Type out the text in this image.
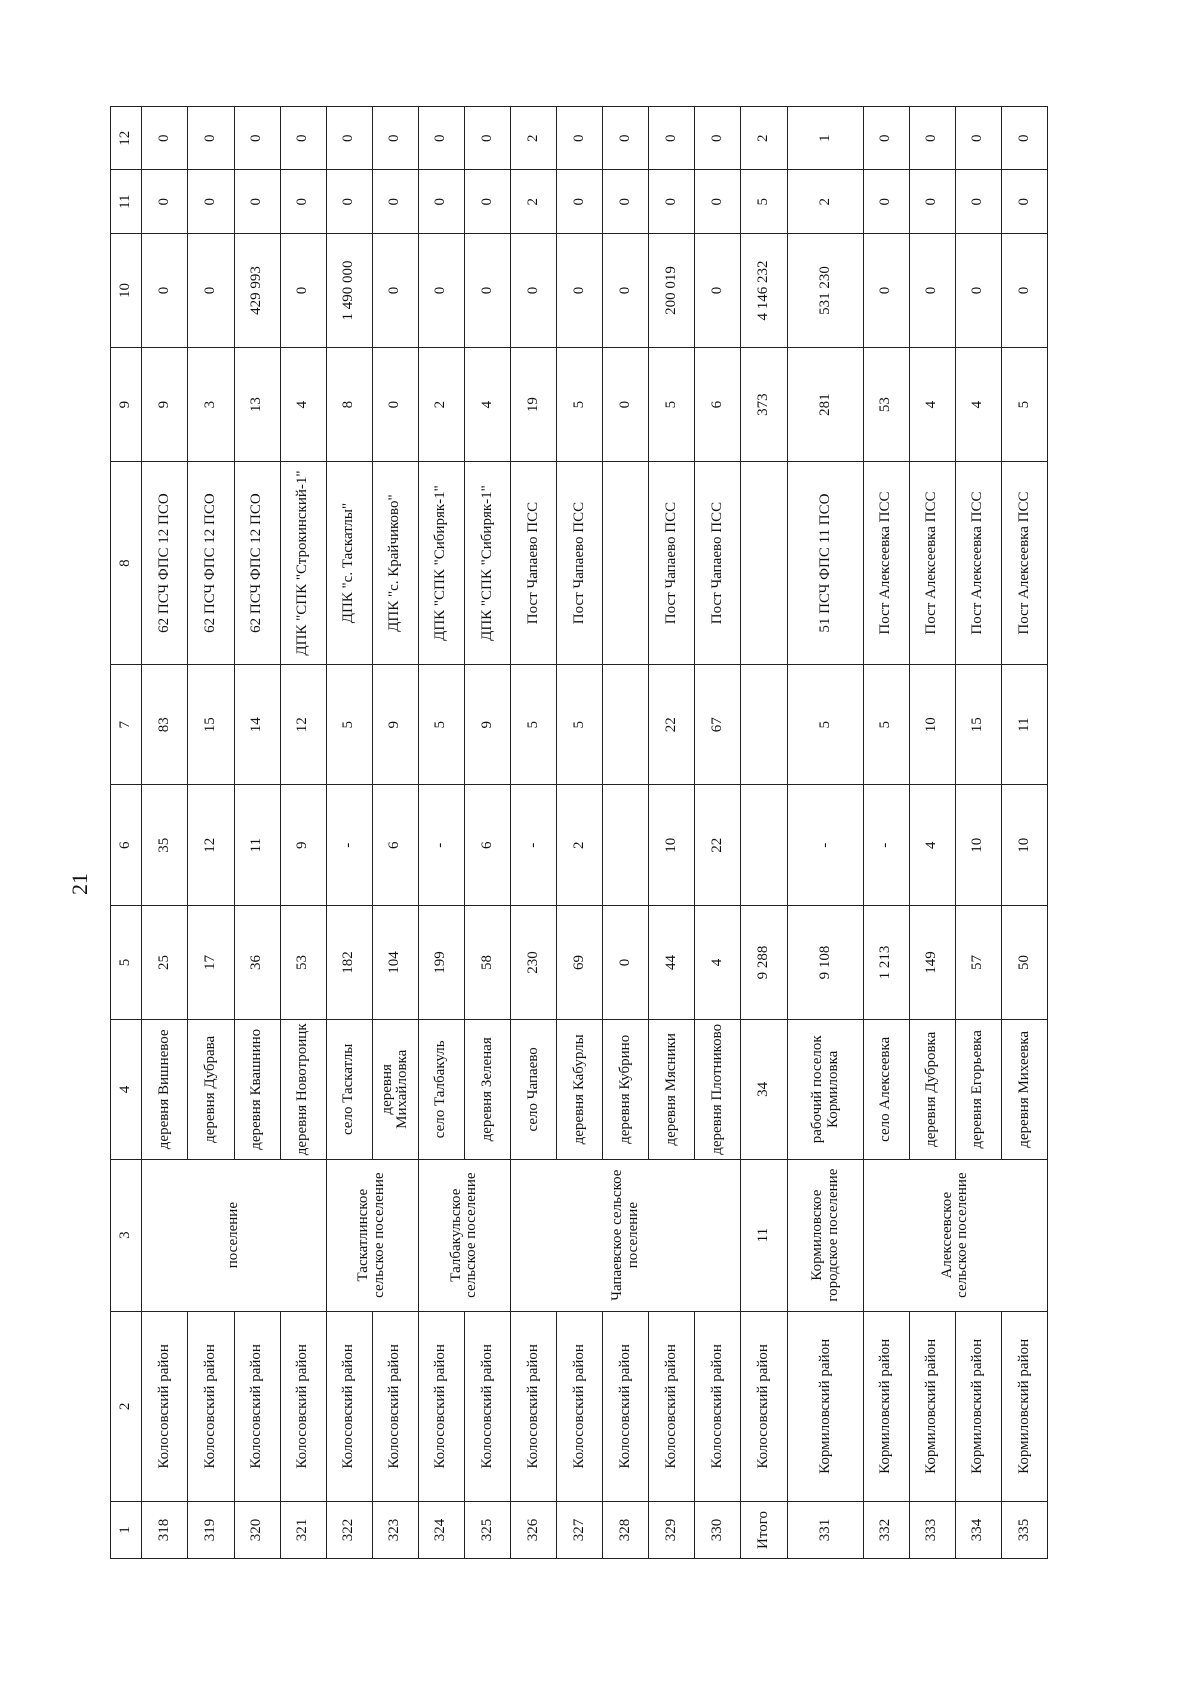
21
1	2	3	4	5	6	7	8	9	10	11	12
318	Колосовский район	поселение	деревня Вишневое	25	35	83	62 ПСЧ ФПС 12 ПСО	9	0	0	0
319	Колосовский район		деревня Дубрава	17	12	15	62 ПСЧ ФПС 12 ПСО	3	0	0	0
320	Колосовский район		деревня Квашнино	36	11	14	62 ПСЧ ФПС 12 ПСО	13	429 993	0	0
321	Колосовский район		деревня Новотроицк	53	9	12	ДПК "СПК "Строкинский-1"	4	0	0	0
322	Колосовский район	Таскатлинское сельское поселение	село Таскатлы	182	-	5	ДПК "с. Таскатлы"	8	1 490 000	0	0
323	Колосовский район		деревня Михайловка	104	6	9	ДПК "с. Крайчиково"	0	0	0	0
324	Колосовский район	Талбакульское сельское поселение	село Талбакуль	199	-	5	ДПК "СПК "Сибиряк-1"	2	0	0	0
325	Колосовский район		деревня Зеленая	58	6	9	ДПК "СПК "Сибиряк-1"	4	0	0	0
326	Колосовский район	Чапаевское сельское поселение	село Чапаево	230	-	5	Пост Чапаево ПСС	19	0	2	2
327	Колосовский район		деревня Кабурлы	69	2	5	Пост Чапаево ПСС	5	0	0	0
328	Колосовский район		деревня Кубрино	0				0	0	0	0
329	Колосовский район		деревня Мясники	44	10	22	Пост Чапаево ПСС	5	200 019	0	0
330	Колосовский район		деревня Плотниково	4	22	67	Пост Чапаево ПСС	6	0	0	0
Итого	Колосовский район	11	34	9 288				373	4 146 232	5	2
331	Кормиловский район	Кормиловское городское поселение	рабочий поселок Кормиловка	9 108	-	5	51 ПСЧ ФПС 11 ПСО	281	531 230	2	1
332	Кормиловский район	Алексеевское сельское поселение	село Алексеевка	1 213	-	5	Пост Алексеевка ПСС	53	0	0	0
333	Кормиловский район		деревня Дубровка	149	4	10	Пост Алексеевка ПСС	4	0	0	0
334	Кормиловский район		деревня Егорьевка	57	10	15	Пост Алексеевка ПСС	4	0	0	0
335	Кормиловский район		деревня Михеевка	50	10	11	Пост Алексеевка ПСС	5	0	0	0
